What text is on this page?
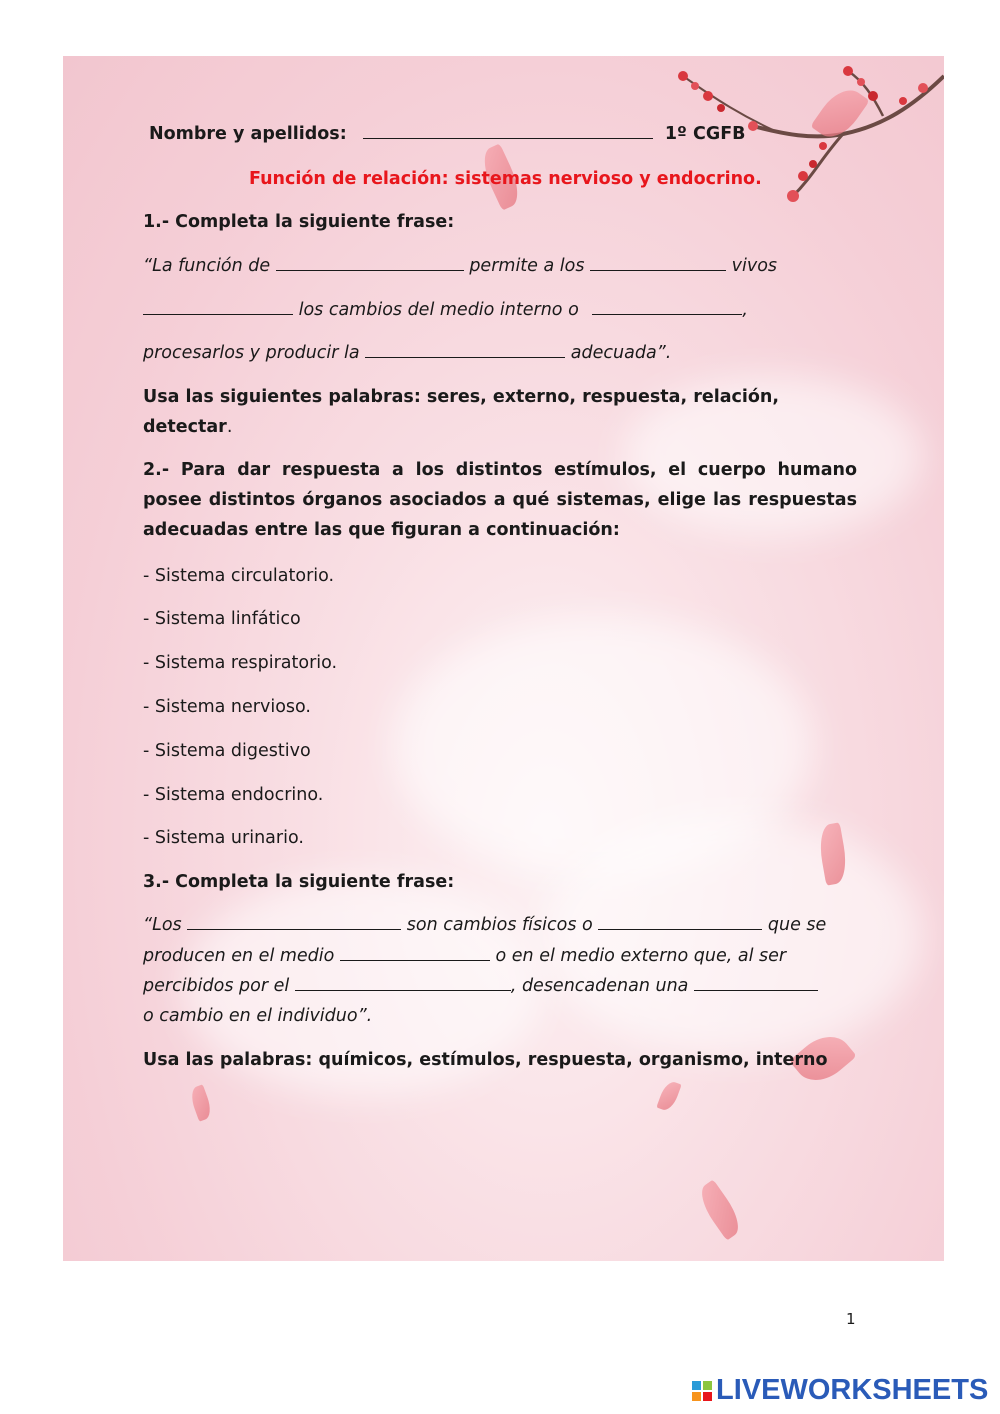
Nombre y apellidos:	1º CGFB
Función de relación: sistemas nervioso y endocrino.
1.- Completa la siguiente frase:
“La función de	permite a los	vivos
los cambios del medio interno o	,
procesarlos y producir la	adecuada”.
Usa las siguientes palabras: seres, externo, respuesta, relación,
detectar.
2.- Para dar respuesta a los distintos estímulos, el cuerpo humano posee distintos órganos asociados a qué sistemas, elige las respuestas adecuadas entre las que figuran a continuación:
- Sistema circulatorio.
- Sistema linfático
- Sistema respiratorio.
- Sistema nervioso.
- Sistema digestivo
- Sistema endocrino.
- Sistema urinario.
3.- Completa la siguiente frase:
“Los	son cambios físicos o	que se
producen en el medio	o en el medio externo que, al ser
percibidos por el	, desencadenan una
o cambio en el individuo”.
Usa las palabras: químicos, estímulos, respuesta, organismo, interno
1
LIVEWORKSHEETS
